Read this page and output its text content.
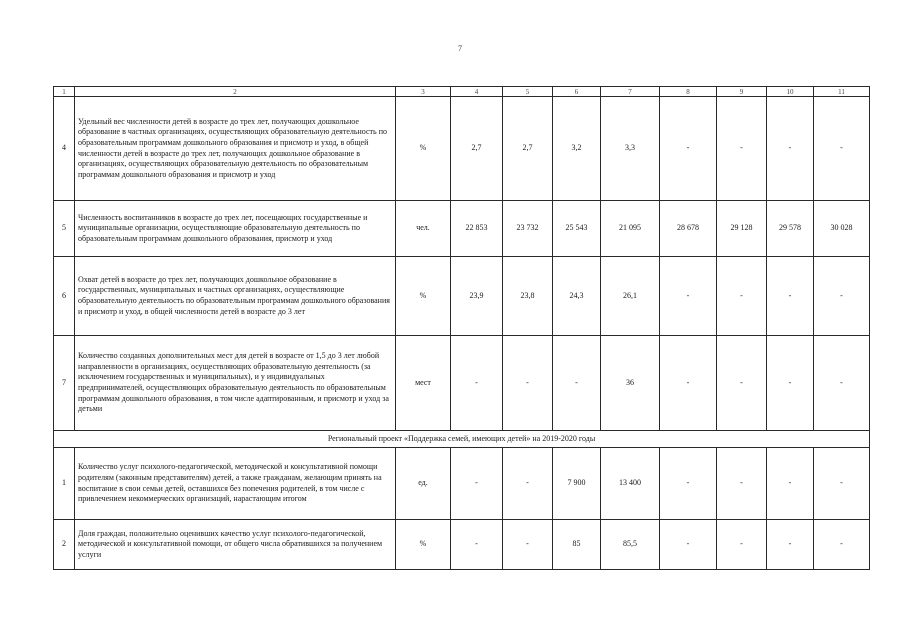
7
1	2	3	4	5	6	7	8	9	10	11
4	Удельный вес численности детей в возрасте до трех лет, получающих дошкольное образование в частных организациях, осуществляющих образовательную деятельность по образовательным программам дошкольного образования и присмотр и уход, в общей численности детей в возрасте до трех лет, получающих дошкольное образование в организациях, осуществляющих образовательную деятельность по образовательным программам дошкольного образования и присмотр и уход	%	2,7	2,7	3,2	3,3	-	-	-	-
5	Численность воспитанников в возрасте до трех лет, посещающих государственные и муниципальные организации, осуществляющие образовательную деятельность по образовательным программам дошкольного образования, присмотр и уход	чел.	22 853	23 732	25 543	21 095	28 678	29 128	29 578	30 028
6	Охват детей в возрасте до трех лет, получающих дошкольное образование в государственных, муниципальных и частных организациях, осуществляющие образовательную деятельность по образовательным программам дошкольного образования и присмотр и уход, в общей численности детей в возрасте до 3 лет	%	23,9	23,8	24,3	26,1	-	-	-	-
7	Количество созданных дополнительных мест для детей в возрасте от 1,5 до 3 лет любой направленности в организациях, осуществляющих образовательную деятельность (за исключением государственных и муниципальных), и у индивидуальных предпринимателей, осуществляющих образовательную деятельность по образовательным программам дошкольного образования, в том числе адаптированным, и присмотр и уход за детьми	мест	-	-	-	36	-	-	-	-
Региональный проект «Поддержка семей, имеющих детей» на 2019-2020 годы										
1	Количество услуг психолого-педагогической, методической и консультативной помощи родителям (законным представителям) детей, а также гражданам, желающим принять на воспитание в свои семьи детей, оставшихся без попечения родителей, в том числе с привлечением некоммерческих организаций, нарастающим итогом	ед.	-	-	7 900	13 400	-	-	-	-
2	Доля граждан, положительно оценивших качество услуг психолого-педагогической, методической и консультативной помощи, от общего числа обратившихся за получением услуги	%	-	-	85	85,5	-	-	-	-
